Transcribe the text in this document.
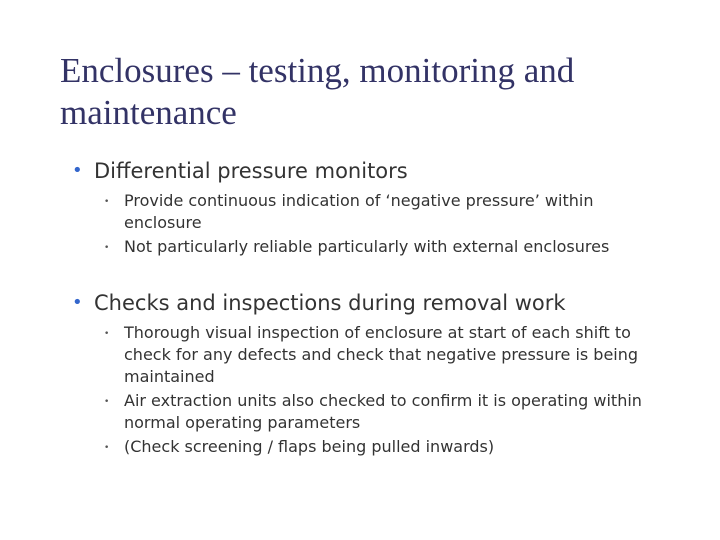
Enclosures – testing, monitoring and maintenance
• Differential pressure monitors
• Provide continuous indication of ‘negative pressure’ within enclosure
• Not particularly reliable particularly with external enclosures
• Checks and inspections during removal work
• Thorough visual inspection of enclosure at start of each shift to check for any defects and check that negative pressure is being maintained
• Air extraction units also checked to confirm it is operating within normal operating parameters
• (Check screening / flaps being pulled inwards)
